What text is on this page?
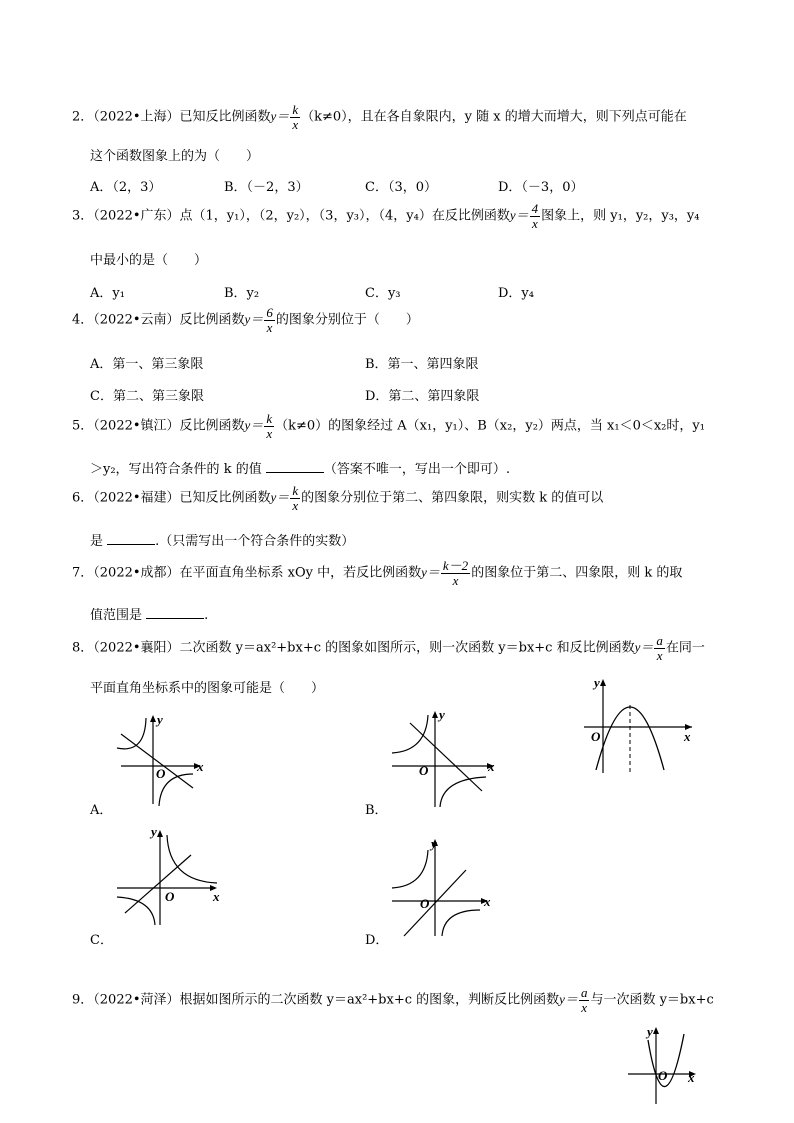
2．（2022•上海）已知反比例函数$y= \frac{k}{x} (k\ne 0)$，且在各自象限内，y 随 x 的增大而增大，则下列点可能在
这个函数图象上的为（　　）
A．（2，3）	B．（－2，3）	C．（3，0）	D．（－3，0）
3．（2022•广东）点（1，y₁），（2，y₂），（3，y₃），（4，y₄）在反比例函数$y= \frac{4}{x}$ 图象上，则 y₁，y₂，y₃，y₄
中最小的是（　　）
A．y₁	B．y₂	C．y₃	D．y₄
4．（2022•云南）反比例函数$y= \frac{6}{x}$ 的图象分别位于（　　）
A．第一、第三象限	B．第一、第四象限
C．第二、第三象限	D．第二、第四象限
5．（2022•镇江）反比例函数$y= \frac{k}{x} (k\ne 0)$的图象经过 A（x₁，y₁）、B（x₂，y₂）两点，当 x₁＜0＜x₂时，y₁
＞y₂，写出符合条件的 k 的值	（答案不唯一，写出一个即可）.
6．（2022•福建）已知反比例函数$y= \frac{k}{x}$ 的图象分别位于第二、第四象限，则实数 k 的值可以
是	.（只需写出一个符合条件的实数）
7．（2022•成都）在平面直角坐标系 xOy 中，若反比例函数$y= \frac{k-2}{x}$ 的图象位于第二、四象限，则 k 的取
值范围是	.
8．（2022•襄阳）二次函数 y＝ax²+bx+c 的图象如图所示，则一次函数 y＝bx+c 和反比例函数$y= \frac{a}{x}$ 在同一
平面直角坐标系中的图象可能是（　　）	y
x
O
y
x
O
A．
y
x
O
B．
y
x
O
C．
y
x
O
D．
9．（2022•菏泽）根据如图所示的二次函数 y＝ax²+bx+c 的图象，判断反比例函数$y= \frac{a}{x}$ 与一次函数 y＝bx+c
y
x
O
